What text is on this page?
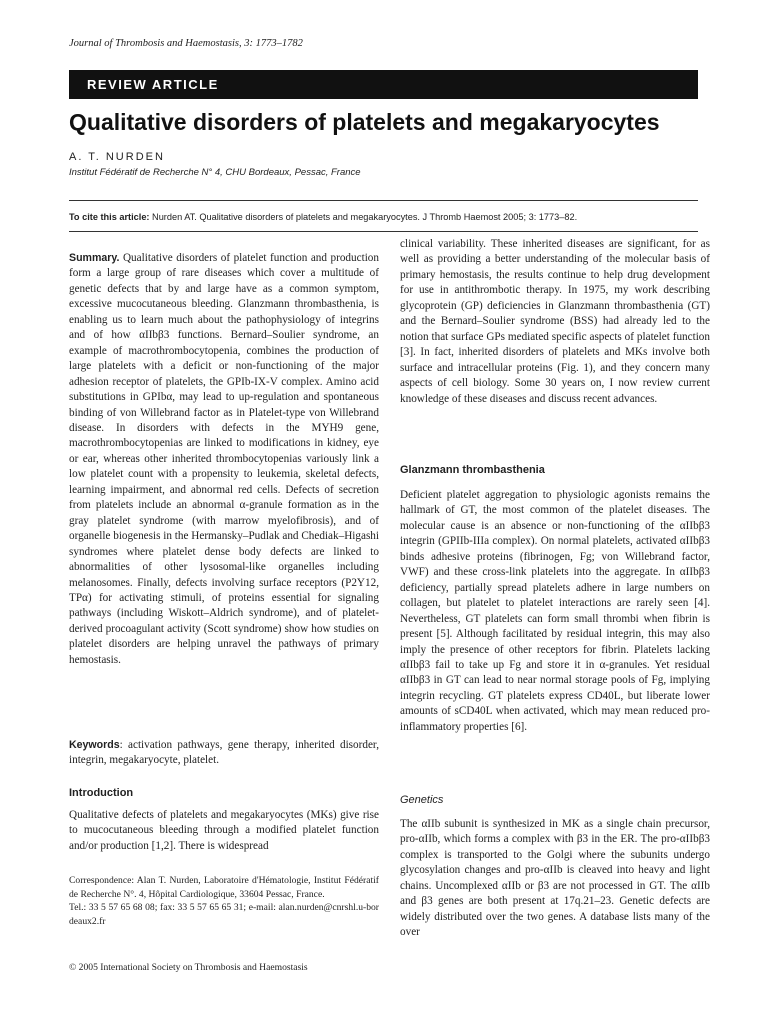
Journal of Thrombosis and Haemostasis, 3: 1773–1782
REVIEW ARTICLE
Qualitative disorders of platelets and megakaryocytes
A. T. NURDEN
Institut Fédératif de Recherche N° 4, CHU Bordeaux, Pessac, France
To cite this article: Nurden AT. Qualitative disorders of platelets and megakaryocytes. J Thromb Haemost 2005; 3: 1773–82.

Summary. Qualitative disorders of platelet function and production form a large group of rare diseases which cover a multitude of genetic defects that by and large have as a common symptom, excessive mucocutaneous bleeding. Glanzmann thrombasthenia, is enabling us to learn much about the pathophysiology of integrins and of how αIIbβ3 functions. Bernard–Soulier syndrome, an example of macrothrombocytopenia, combines the production of large platelets with a deficit or non-functioning of the major adhesion receptor of platelets, the GPIb-IX-V complex. Amino acid substitutions in GPIbα, may lead to up-regulation and spontaneous binding of von Willebrand factor as in Platelet-type von Willebrand disease. In disorders with defects in the MYH9 gene, macrothrombocytopenias are linked to modifications in kidney, eye or ear, whereas other inherited thrombocytopenias variously link a low platelet count with a propensity to leukemia, skeletal defects, learning impairment, and abnormal red cells. Defects of secretion from platelets include an abnormal α-granule formation as in the gray platelet syndrome (with marrow myelofibrosis), and of organelle biogenesis in the Hermansky–Pudlak and Chediak–Higashi syndromes where platelet dense body defects are linked to abnormalities of other lysosomal-like organelles including melanosomes. Finally, defects involving surface receptors (P2Y12, TPα) for activating stimuli, of proteins essential for signaling pathways (including Wiskott–Aldrich syndrome), and of platelet-derived procoagulant activity (Scott syndrome) show how studies on platelet disorders are helping unravel the pathways of primary hemostasis.

Keywords: activation pathways, gene therapy, inherited disorder, integrin, megakaryocyte, platelet.

Introduction
Qualitative defects of platelets and megakaryocytes (MKs) give rise to mucocutaneous bleeding through a modified platelet function and/or production [1,2]. There is widespread
Correspondence: Alan T. Nurden, Laboratoire d'Hématologie, Institut Fédératif de Recherche N°. 4, Hôpital Cardiologique, 33604 Pessac, France.
Tel.: 33 5 57 65 68 08; fax: 33 5 57 65 65 31; e-mail: alan.nurden@cnrshl.u-bordeaux2.fr
© 2005 International Society on Thrombosis and Haemostasis
clinical variability. These inherited diseases are significant, for as well as providing a better understanding of the molecular basis of primary hemostasis, the results continue to help drug development for use in antithrombotic therapy. In 1975, my work describing glycoprotein (GP) deficiencies in Glanzmann thrombasthenia (GT) and the Bernard–Soulier syndrome (BSS) had already led to the notion that surface GPs mediated specific aspects of platelet function [3]. In fact, inherited disorders of platelets and MKs involve both surface and intracellular proteins (Fig. 1), and they concern many aspects of cell biology. Some 30 years on, I now review current knowledge of these diseases and discuss recent advances.
Glanzmann thrombasthenia
Deficient platelet aggregation to physiologic agonists remains the hallmark of GT, the most common of the platelet diseases. The molecular cause is an absence or non-functioning of the αIIbβ3 integrin (GPIIb-IIIa complex). On normal platelets, activated αIIbβ3 binds adhesive proteins (fibrinogen, Fg; von Willebrand factor, VWF) and these cross-link platelets into the aggregate. In αIIbβ3 deficiency, partially spread platelets adhere in large numbers on collagen, but platelet to platelet interactions are rarely seen [4]. Nevertheless, GT platelets can form small thrombi when fibrin is present [5]. Although facilitated by residual integrin, this may also imply the presence of other receptors for fibrin. Platelets lacking αIIbβ3 fail to take up Fg and store it in α-granules. Yet residual αIIbβ3 in GT can lead to near normal storage pools of Fg, implying integrin recycling. GT platelets express CD40L, but liberate lower amounts of sCD40L when activated, which may mean reduced pro-inflammatory properties [6].
Genetics
The αIIb subunit is synthesized in MK as a single chain precursor, pro-αIIb, which forms a complex with β3 in the ER. The pro-αIIbβ3 complex is transported to the Golgi where the subunits undergo glycosylation changes and pro-αIIb is cleaved into heavy and light chains. Uncomplexed αIIb or β3 are not processed in GT. The αIIb and β3 genes are both present at 17q.21–23. Genetic defects are widely distributed over the two genes. A database lists many of the over
